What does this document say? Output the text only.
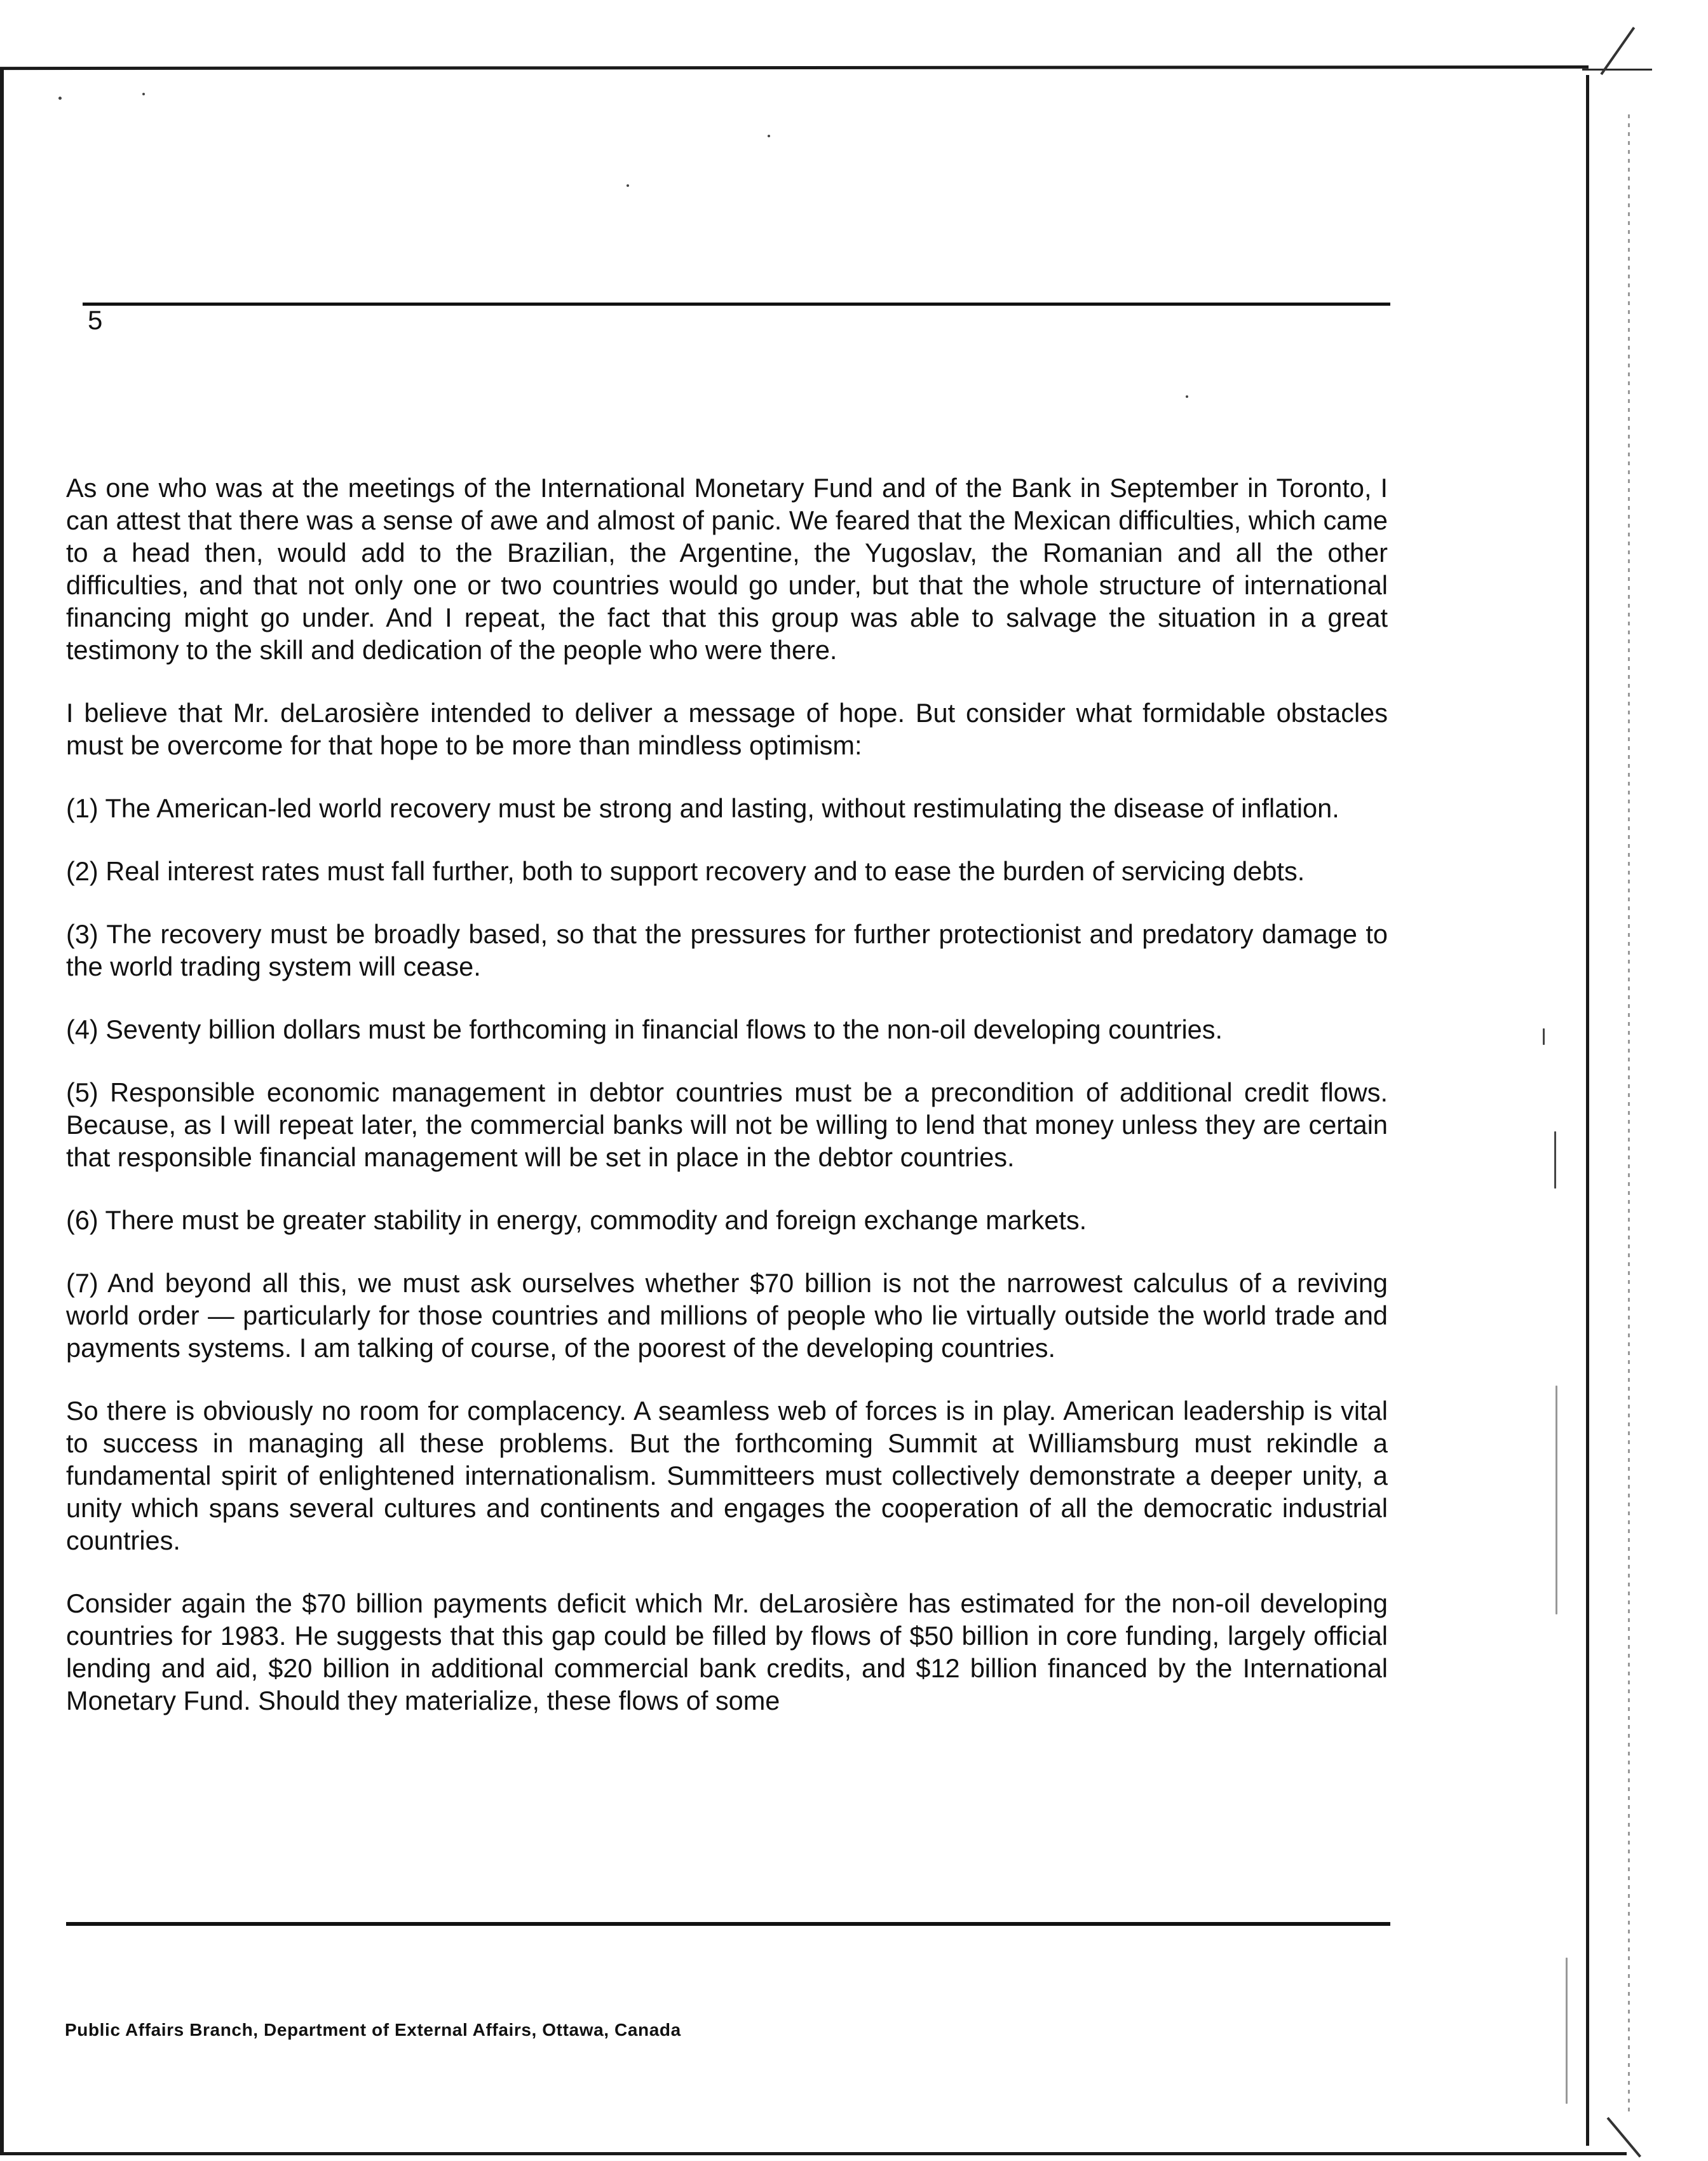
5

As one who was at the meetings of the International Monetary Fund and of the Bank in September in Toronto, I can attest that there was a sense of awe and almost of panic. We feared that the Mexican difficulties, which came to a head then, would add to the Brazilian, the Argentine, the Yugoslav, the Romanian and all the other difficulties, and that not only one or two countries would go under, but that the whole structure of international financing might go under. And I repeat, the fact that this group was able to salvage the situation in a great testimony to the skill and dedication of the people who were there.

I believe that Mr. deLarosière intended to deliver a message of hope. But consider what formidable obstacles must be overcome for that hope to be more than mindless optimism:

(1) The American-led world recovery must be strong and lasting, without restimulating the disease of inflation.

(2) Real interest rates must fall further, both to support recovery and to ease the burden of servicing debts.

(3) The recovery must be broadly based, so that the pressures for further protectionist and predatory damage to the world trading system will cease.

(4) Seventy billion dollars must be forthcoming in financial flows to the non-oil developing countries.

(5) Responsible economic management in debtor countries must be a precondition of additional credit flows. Because, as I will repeat later, the commercial banks will not be willing to lend that money unless they are certain that responsible financial management will be set in place in the debtor countries.

(6) There must be greater stability in energy, commodity and foreign exchange markets.

(7) And beyond all this, we must ask ourselves whether $70 billion is not the narrowest calculus of a reviving world order — particularly for those countries and millions of people who lie virtually outside the world trade and payments systems. I am talking of course, of the poorest of the developing countries.

So there is obviously no room for complacency. A seamless web of forces is in play. American leadership is vital to success in managing all these problems. But the forthcoming Summit at Williamsburg must rekindle a fundamental spirit of enlightened internationalism. Summitteers must collectively demonstrate a deeper unity, a unity which spans several cultures and continents and engages the cooperation of all the democratic industrial countries.

Consider again the $70 billion payments deficit which Mr. deLarosière has estimated for the non-oil developing countries for 1983. He suggests that this gap could be filled by flows of $50 billion in core funding, largely official lending and aid, $20 billion in additional commercial bank credits, and $12 billion financed by the International Monetary Fund. Should they materialize, these flows of some

Public Affairs Branch, Department of External Affairs, Ottawa, Canada
